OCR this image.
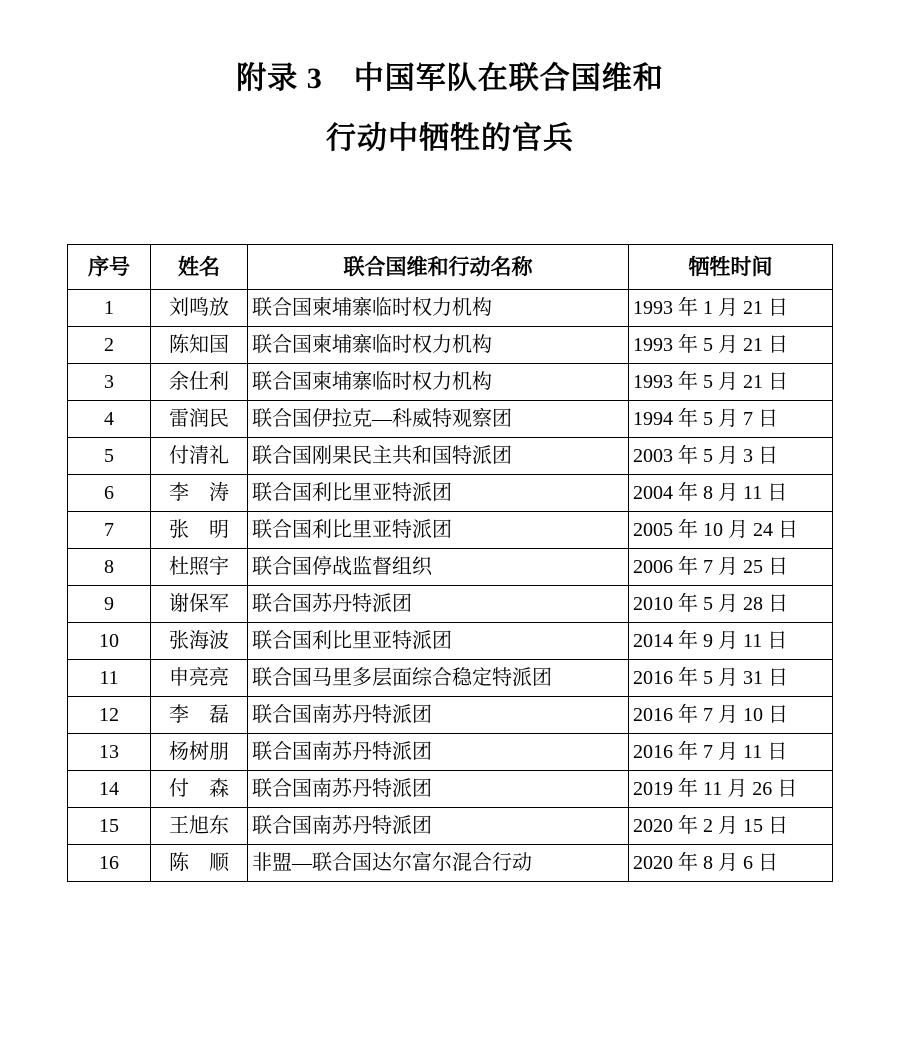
附录 3　中国军队在联合国维和
行动中牺牲的官兵
序号	姓名	联合国维和行动名称	牺牲时间
1	刘鸣放	联合国柬埔寨临时权力机构	1993 年 1 月 21 日
2	陈知国	联合国柬埔寨临时权力机构	1993 年 5 月 21 日
3	余仕利	联合国柬埔寨临时权力机构	1993 年 5 月 21 日
4	雷润民	联合国伊拉克—科威特观察团	1994 年 5 月 7 日
5	付清礼	联合国刚果民主共和国特派团	2003 年 5 月 3 日
6	李　涛	联合国利比里亚特派团	2004 年 8 月 11 日
7	张　明	联合国利比里亚特派团	2005 年 10 月 24 日
8	杜照宇	联合国停战监督组织	2006 年 7 月 25 日
9	谢保军	联合国苏丹特派团	2010 年 5 月 28 日
10	张海波	联合国利比里亚特派团	2014 年 9 月 11 日
11	申亮亮	联合国马里多层面综合稳定特派团	2016 年 5 月 31 日
12	李　磊	联合国南苏丹特派团	2016 年 7 月 10 日
13	杨树朋	联合国南苏丹特派团	2016 年 7 月 11 日
14	付　森	联合国南苏丹特派团	2019 年 11 月 26 日
15	王旭东	联合国南苏丹特派团	2020 年 2 月 15 日
16	陈　顺	非盟—联合国达尔富尔混合行动	2020 年 8 月 6 日
